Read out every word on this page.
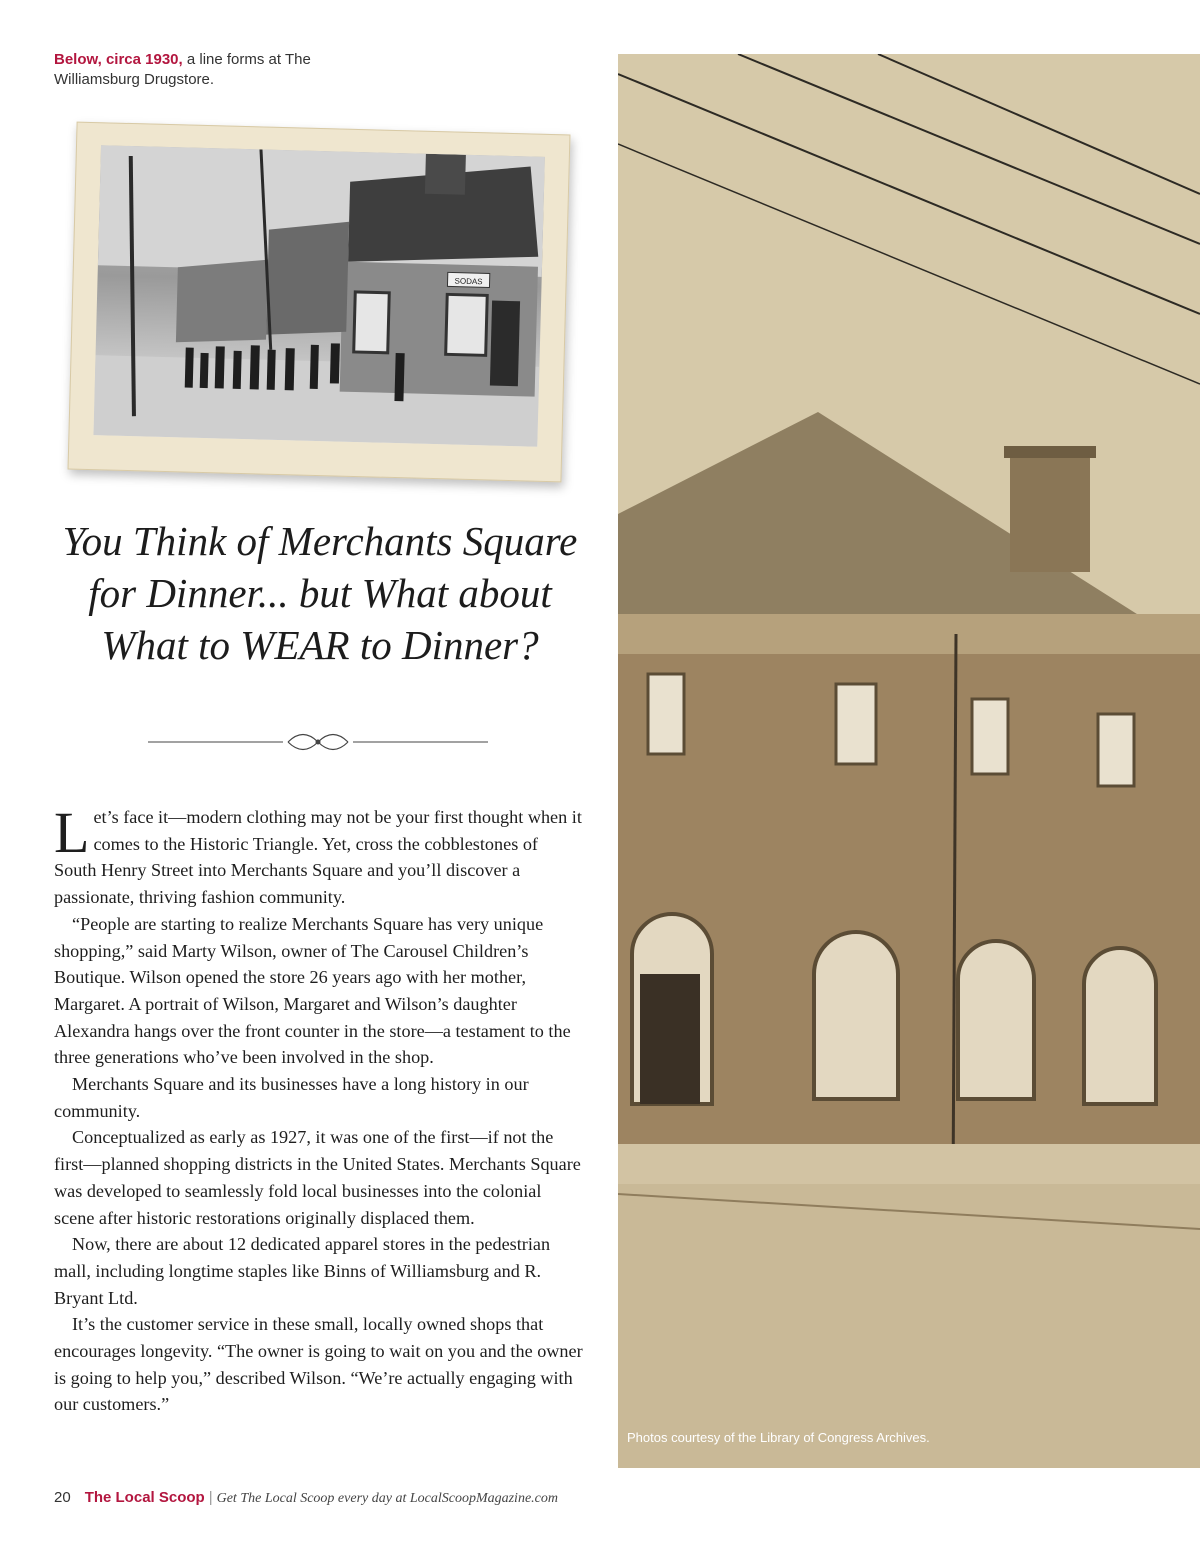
Below, circa 1930, a line forms at The Williamsburg Drugstore.
SODAS
You Think of Merchants Square for Dinner... but What about What to WEAR to Dinner?

Let’s face it—modern clothing may not be your first thought when it comes to the Historic Triangle. Yet, cross the cobblestones of South Henry Street into Merchants Square and you’ll discover a passionate, thriving fashion community.

“People are starting to realize Merchants Square has very unique shopping,” said Marty Wilson, owner of The Carousel Children’s Boutique. Wilson opened the store 26 years ago with her mother, Margaret. A portrait of Wilson, Margaret and Wilson’s daughter Alexandra hangs over the front counter in the store—a testament to the three generations who’ve been involved in the shop.

Merchants Square and its businesses have a long history in our community.

Conceptualized as early as 1927, it was one of the first—if not the first—planned shopping districts in the United States. Merchants Square was developed to seamlessly fold local businesses into the colonial scene after historic restorations originally displaced them.

Now, there are about 12 dedicated apparel stores in the pedestrian mall, including longtime staples like Binns of Williamsburg and R. Bryant Ltd.

It’s the customer service in these small, locally owned shops that encourages longevity. “The owner is going to wait on you and the owner is going to help you,” described Wilson. “We’re actually engaging with our customers.”

Photos courtesy of the Library of Congress Archives.
20 The Local Scoop | Get The Local Scoop every day at LocalScoopMagazine.com
